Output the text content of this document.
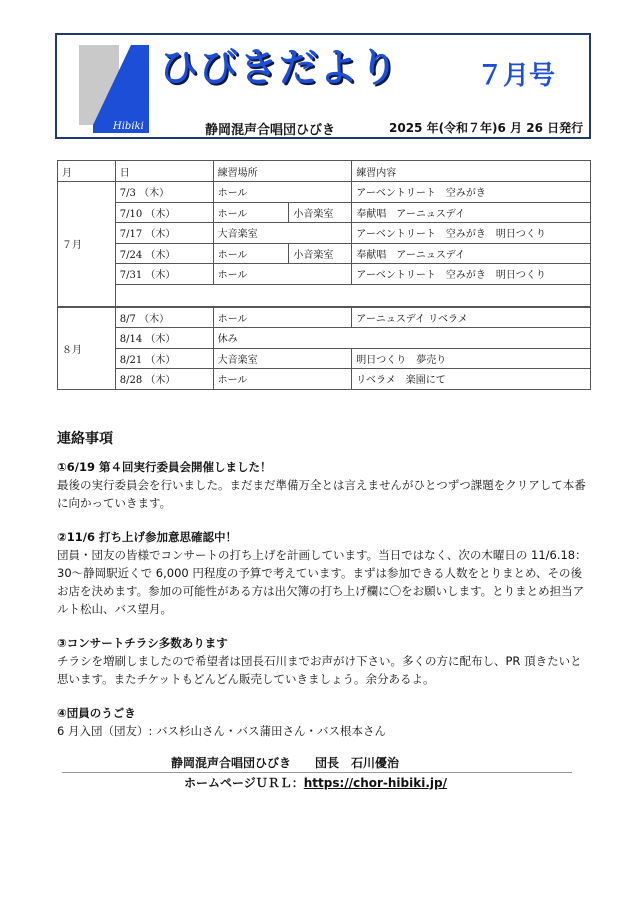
Hibiki
ひびきだより	７月号
静岡混声合唱団ひびき	2025 年(令和７年)6 月 26 日発行
月	日	練習場所		練習内容
７月	7/3 （木）	ホール		アーベントリート　空みがき
	7/10 （木）	ホール	小音楽室	奉献唱　アーニュスデイ
	7/17 （木）	大音楽室		アーベントリート　空みがき　明日つくり
	7/24 （木）	ホール	小音楽室	奉献唱　アーニュスデイ
	7/31 （木）	ホール		アーベントリート　空みがき　明日つくり

８月	8/7 （木）	ホール		アーニュスデイ リベラメ
	8/14 （木）	休み		
	8/21 （木）	大音楽室		明日つくり　夢売り
	8/28 （木）	ホール		リベラメ　楽園にて
連絡事項
①6/19 第４回実行委員会開催しました！
最後の実行委員会を行いました。まだまだ準備万全とは言えませんがひとつずつ課題をクリアして本番に向かっていきます。
②11/6 打ち上げ参加意思確認中！
団員・団友の皆様でコンサートの打ち上げを計画しています。当日ではなく、次の木曜日の 11/6.18：30～静岡駅近くで 6,000 円程度の予算で考えています。まずは参加できる人数をとりまとめ、その後お店を決めます。参加の可能性がある方は出欠簿の打ち上げ欄に〇をお願いします。とりまとめ担当アルト松山、バス望月。
③コンサートチラシ多数あります
チラシを増刷しましたので希望者は団長石川までお声がけ下さい。多くの方に配布し、PR 頂きたいと思います。またチケットもどんどん販売していきましょう。余分あるよ。
④団員のうごき
6 月入団（団友）: バス杉山さん・バス蒲田さん・バス根本さん
静岡混声合唱団ひびき　　団長　石川優治
ホームページＵＲＬ：https://chor-hibiki.jp/
